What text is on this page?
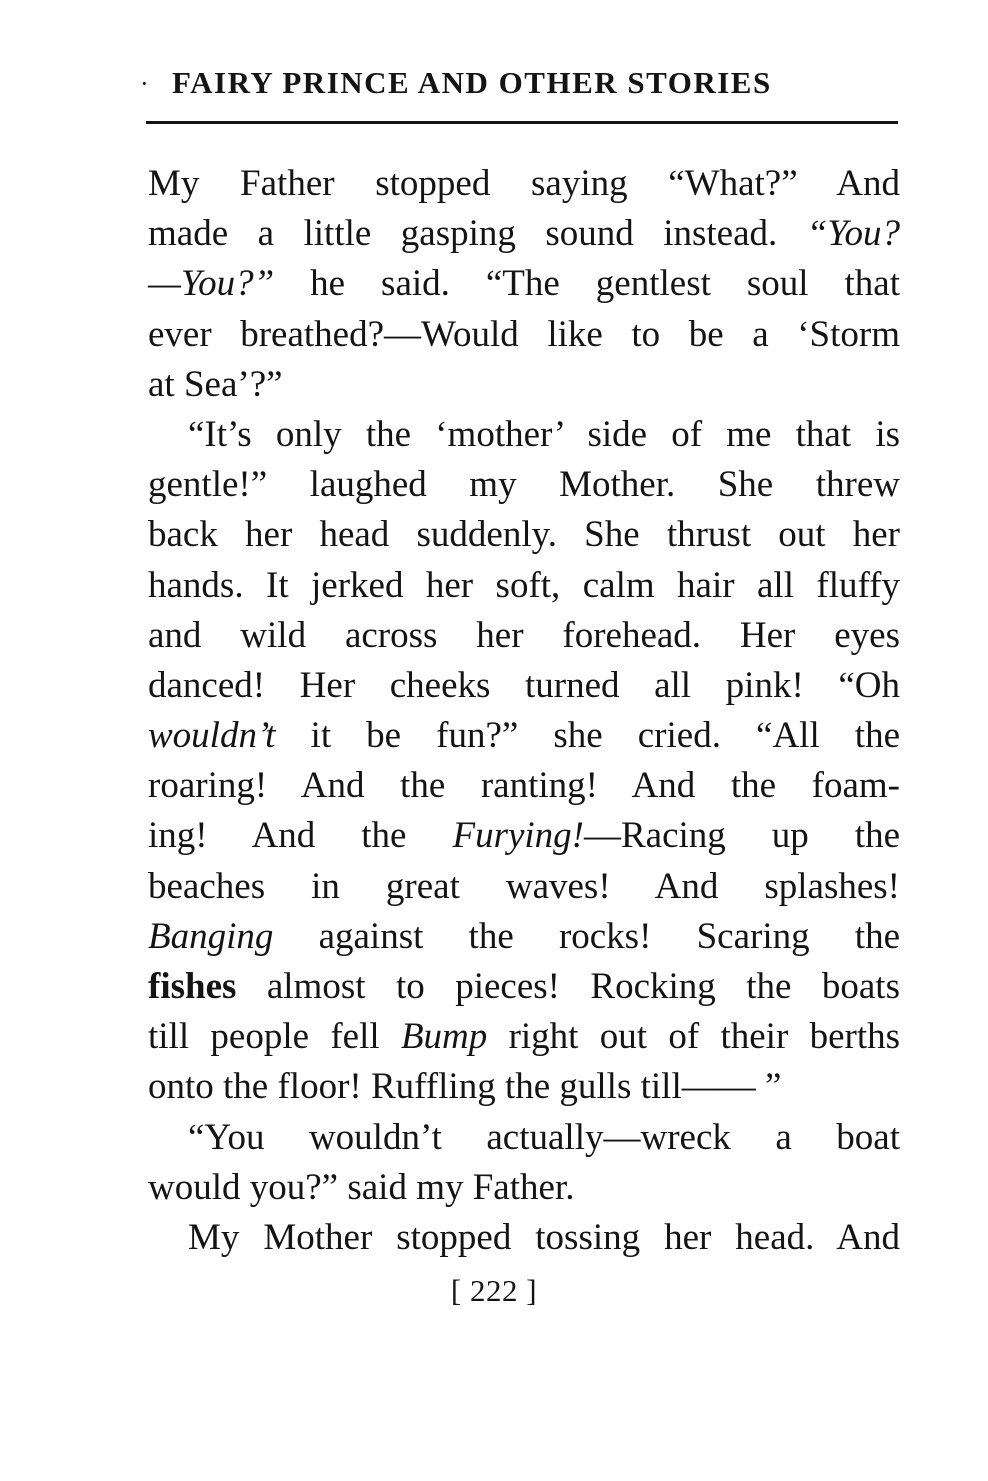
· FAIRY PRINCE AND OTHER STORIES
My Father stopped saying “What?” And
made a little gasping sound instead. “You?
—You?” he said. “The gentlest soul that
ever breathed?—Would like to be a ‘Storm
at Sea’?”
“It’s only the ‘mother’ side of me that is
gentle!” laughed my Mother. She threw
back her head suddenly. She thrust out her
hands. It jerked her soft, calm hair all fluffy
and wild across her forehead. Her eyes
danced! Her cheeks turned all pink! “Oh
wouldn’t it be fun?” she cried. “All the
roaring! And the ranting! And the foam-
ing! And the Furying!—Racing up the
beaches in great waves! And splashes!
Banging against the rocks! Scaring the
fishes almost to pieces! Rocking the boats
till people fell Bump right out of their berths
onto the floor! Ruffling the gulls till—— ”
“You wouldn’t actually—wreck a boat
would you?” said my Father.
My Mother stopped tossing her head. And
[ 222 ]
